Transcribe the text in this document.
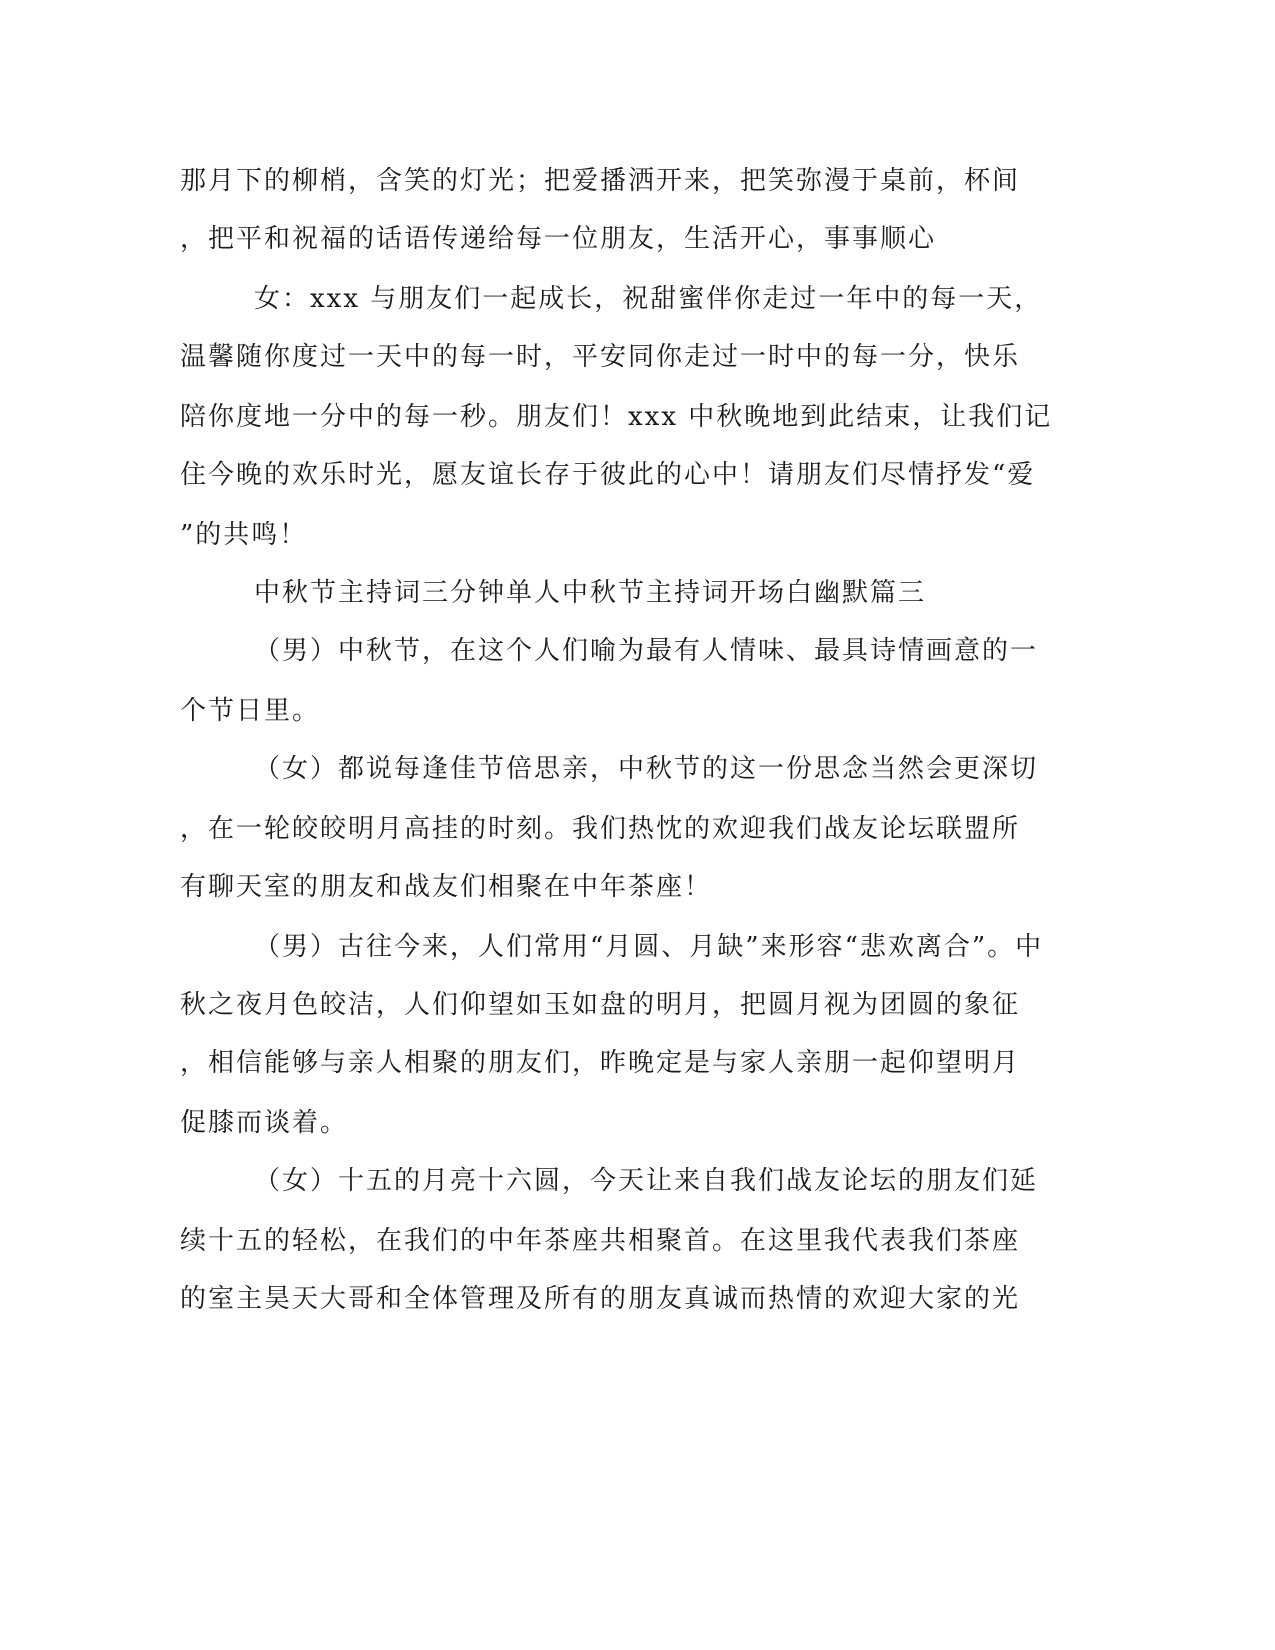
那月下的柳梢，含笑的灯光；把爱播洒开来，把笑弥漫于桌前，杯间
，把平和祝福的话语传递给每一位朋友，生活开心，事事顺心
女：xxx 与朋友们一起成长，祝甜蜜伴你走过一年中的每一天，
温馨随你度过一天中的每一时，平安同你走过一时中的每一分，快乐
陪你度地一分中的每一秒。朋友们！xxx 中秋晚地到此结束，让我们记
住今晚的欢乐时光，愿友谊长存于彼此的心中！请朋友们尽情抒发“爱
”的共鸣！
中秋节主持词三分钟单人中秋节主持词开场白幽默篇三
（男）中秋节，在这个人们喻为最有人情味、最具诗情画意的一
个节日里。
（女）都说每逢佳节倍思亲，中秋节的这一份思念当然会更深切
，在一轮皎皎明月高挂的时刻。我们热忱的欢迎我们战友论坛联盟所
有聊天室的朋友和战友们相聚在中年茶座！
（男）古往今来，人们常用“月圆、月缺”来形容“悲欢离合”。中
秋之夜月色皎洁，人们仰望如玉如盘的明月，把圆月视为团圆的象征
，相信能够与亲人相聚的朋友们，昨晚定是与家人亲朋一起仰望明月
促膝而谈着。
（女）十五的月亮十六圆，今天让来自我们战友论坛的朋友们延
续十五的轻松，在我们的中年茶座共相聚首。在这里我代表我们茶座
的室主昊天大哥和全体管理及所有的朋友真诚而热情的欢迎大家的光
